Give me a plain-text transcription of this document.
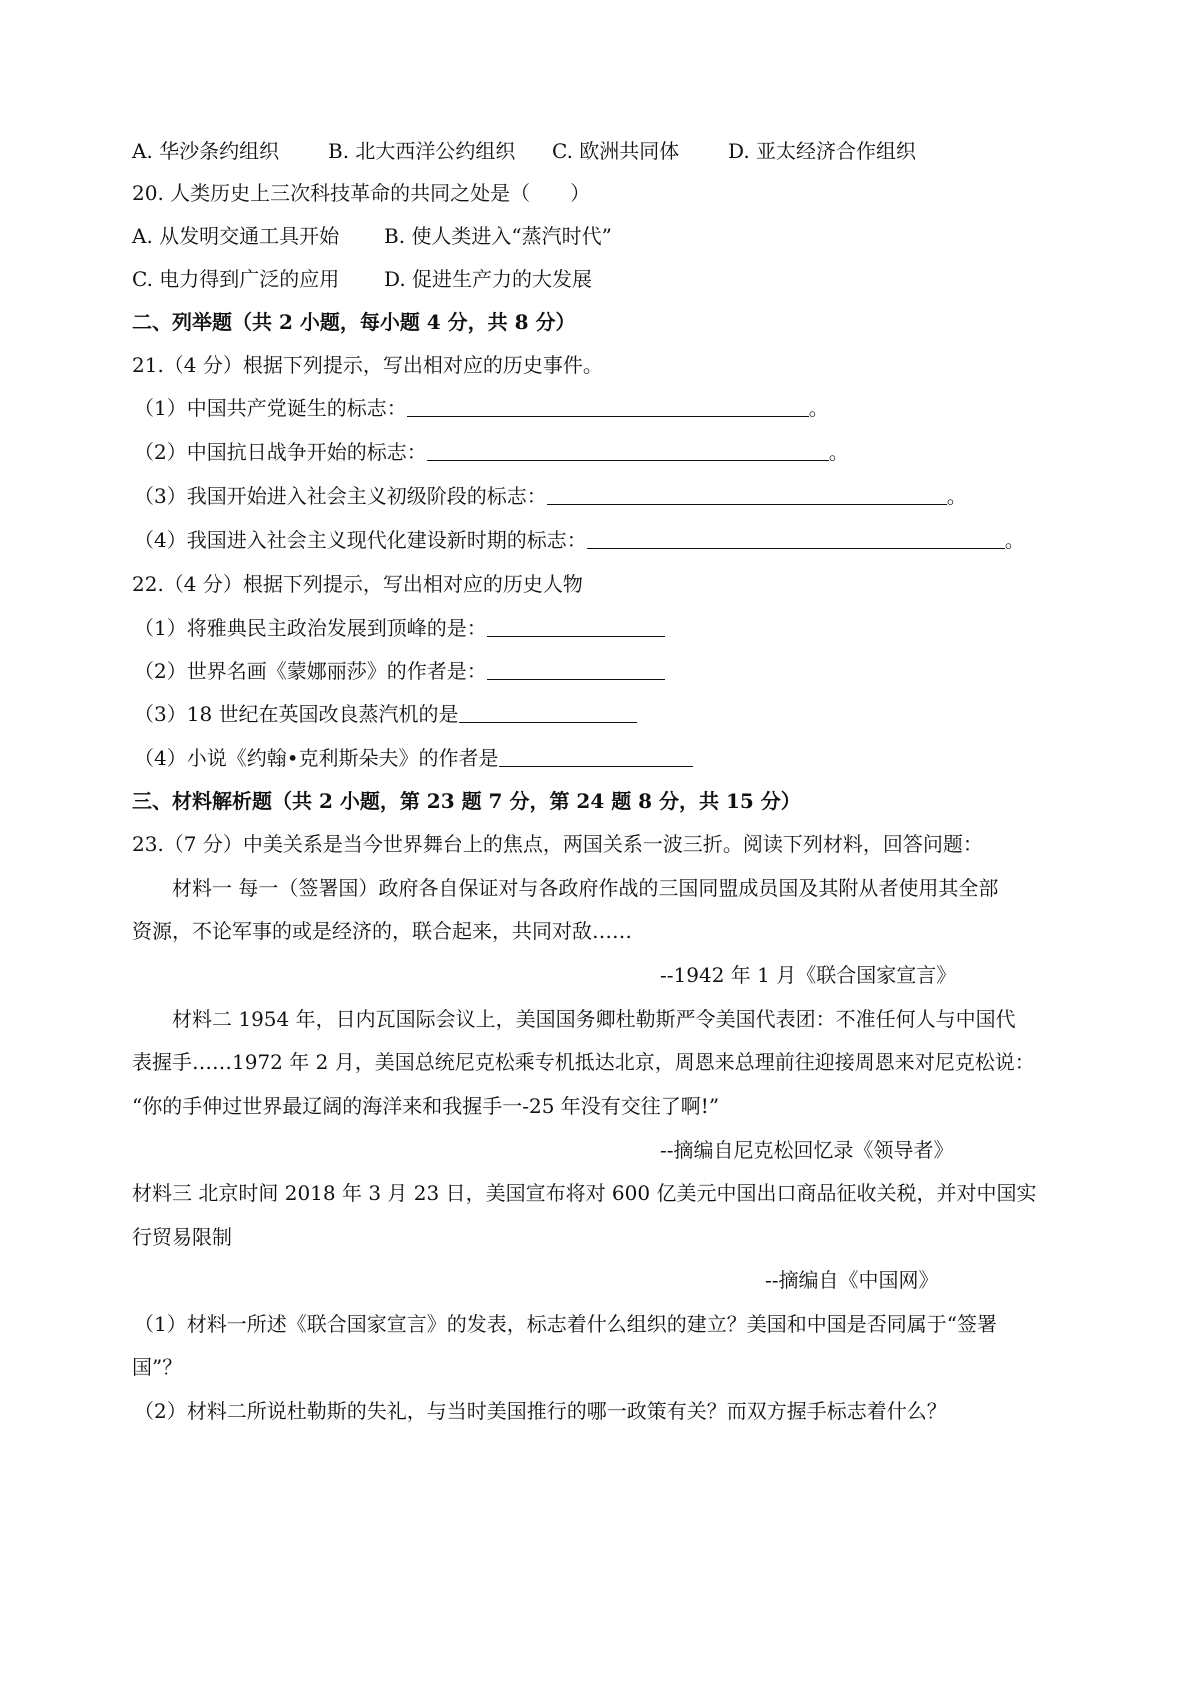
A. 华沙条约组织 B. 北大西洋公约组织 C. 欧洲共同体 D. 亚太经济合作组织
20. 人类历史上三次科技革命的共同之处是（　　）
A. 从发明交通工具开始 B. 使人类进入“蒸汽时代”
C. 电力得到广泛的应用 D. 促进生产力的大发展
二、列举题（共 2 小题，每小题 4 分，共 8 分）
21.（4 分）根据下列提示，写出相对应的历史事件。
（1）中国共产党诞生的标志：	。
（2）中国抗日战争开始的标志：	。
（3）我国开始进入社会主义初级阶段的标志：	。
（4）我国进入社会主义现代化建设新时期的标志：	。
22.（4 分）根据下列提示，写出相对应的历史人物
（1）将雅典民主政治发展到顶峰的是：
（2）世界名画《蒙娜丽莎》的作者是：
（3）18 世纪在英国改良蒸汽机的是
（4）小说《约翰•克利斯朵夫》的作者是
三、材料解析题（共 2 小题，第 23 题 7 分，第 24 题 8 分，共 15 分）
23.（7 分）中美关系是当今世界舞台上的焦点，两国关系一波三折。阅读下列材料，回答问题：
材料一 每一（签署国）政府各自保证对与各政府作战的三国同盟成员国及其附从者使用其全部
资源，不论军事的或是经济的，联合起来，共同对敌……
--1942 年 1 月《联合国家宣言》
材料二 1954 年，日内瓦国际会议上，美国国务卿杜勒斯严令美国代表团：不准任何人与中国代
表握手……1972 年 2 月，美国总统尼克松乘专机抵达北京，周恩来总理前往迎接周恩来对尼克松说：
“你的手伸过世界最辽阔的海洋来和我握手一-25 年没有交往了啊!”
--摘编自尼克松回忆录《领导者》
材料三 北京时间 2018 年 3 月 23 日，美国宣布将对 600 亿美元中国出口商品征收关税，并对中国实
行贸易限制
--摘编自《中国网》
（1）材料一所述《联合国家宣言》的发表，标志着什么组织的建立？美国和中国是否同属于“签署
国”？
（2）材料二所说杜勒斯的失礼，与当时美国推行的哪一政策有关？而双方握手标志着什么？
